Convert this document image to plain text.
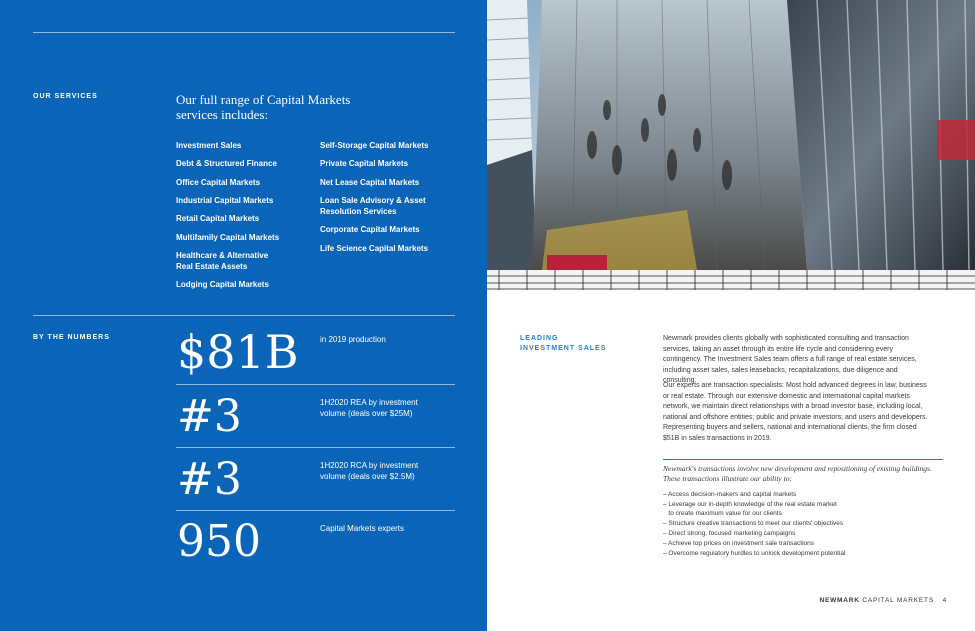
OUR SERVICES	Our full range of Capital Markets services includes:
Investment Sales
Debt & Structured Finance
Office Capital Markets
Industrial Capital Markets
Retail Capital Markets
Multifamily Capital Markets
Healthcare & Alternative
Real Estate Assets
Lodging Capital Markets
Self-Storage Capital Markets
Private Capital Markets
Net Lease Capital Markets
Loan Sale Advisory & Asset
Resolution Services
Corporate Capital Markets
Life Science Capital Markets
BY THE NUMBERS $81B	in 2019 production
#3	1H2020 REA by investment volume (deals over $25M)
#3	1H2020 RCA by investment volume (deals over $2.5M)
950	Capital Markets experts
LEADING
INVESTMENT SALES
Newmark provides clients globally with sophisticated consulting and transaction services, taking an asset through its entire life cycle and considering every contingency. The Investment Sales team offers a full range of real estate services, including asset sales, sales leasebacks, recapitalizations, due diligence and consulting.
Our experts are transaction specialists: Most hold advanced degrees in law, business or real estate. Through our extensive domestic and international capital markets network, we maintain direct relationships with a broad investor base, including local, national and offshore entities; public and private investors; and users and developers. Representing buyers and sellers, national and international clients, the firm closed $51B in sales transactions in 2019.
Newmark's transactions involve new development and repositioning of existing buildings. These transactions illustrate our ability to:
– Access decision-makers and capital markets
– Leverage our in-depth knowledge of the real estate market
to create maximum value for our clients
– Structure creative transactions to meet our clients' objectives
– Direct strong, focused marketing campaigns
– Achieve top prices on investment sale transactions
– Overcome regulatory hurdles to unlock development potential
NEWMARK CAPITAL MARKETS 4
